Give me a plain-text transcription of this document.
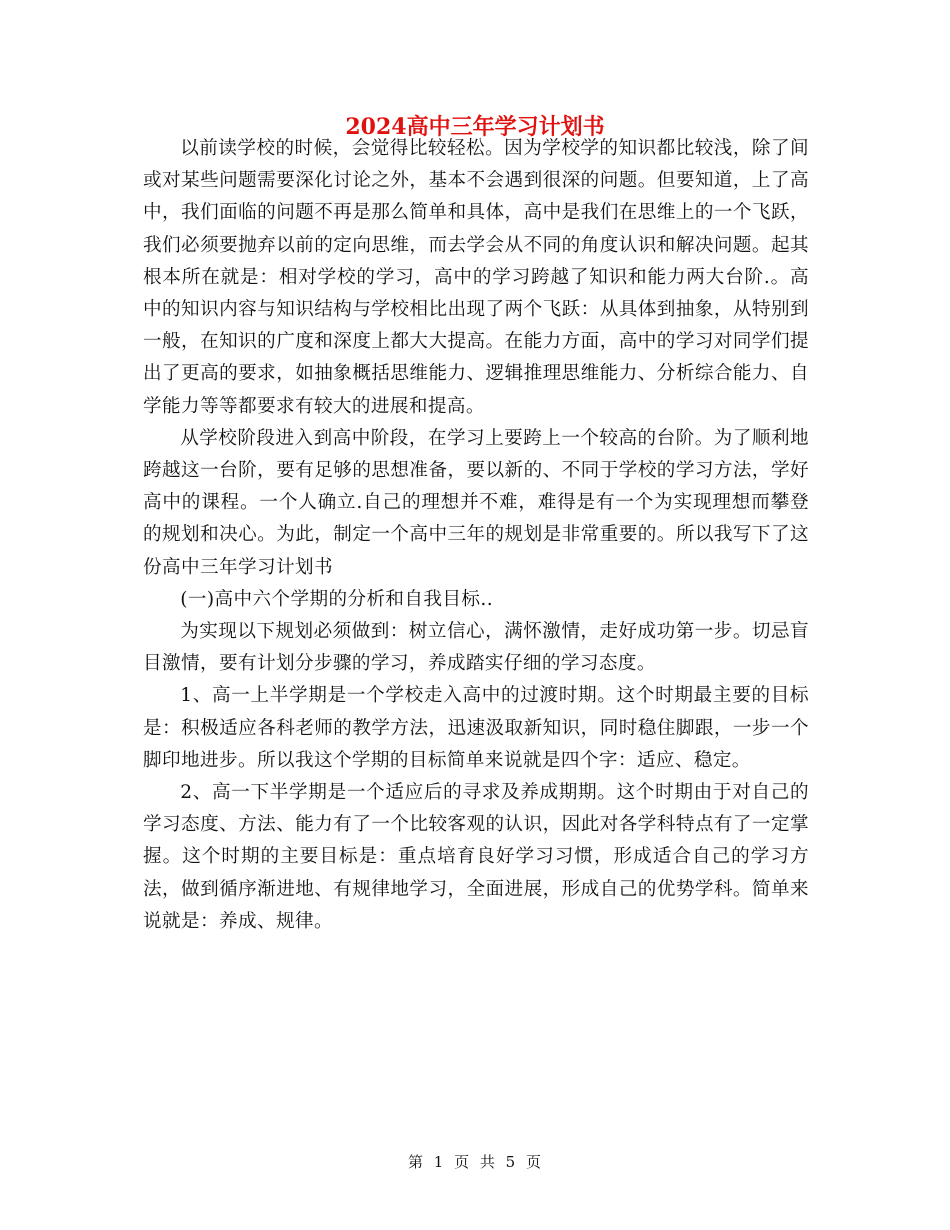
2024高中三年学习计划书

以前读学校的时候，会觉得比较轻松。因为学校学的知识都比较浅，除了间或对某些问题需要深化讨论之外，基本不会遇到很深的问题。但要知道，上了高中，我们面临的问题不再是那么简单和具体，高中是我们在思维上的一个飞跃，我们必须要抛弃以前的定向思维，而去学会从不同的角度认识和解决问题。起其根本所在就是：相对学校的学习，高中的学习跨越了知识和能力两大台阶.。高中的知识内容与知识结构与学校相比出现了两个飞跃：从具体到抽象，从特别到一般，在知识的广度和深度上都大大提高。在能力方面，高中的学习对同学们提出了更高的要求，如抽象概括思维能力、逻辑推理思维能力、分析综合能力、自学能力等等都要求有较大的进展和提高。

从学校阶段进入到高中阶段，在学习上要跨上一个较高的台阶。为了顺利地跨越这一台阶，要有足够的思想准备，要以新的、不同于学校的学习方法，学好高中的课程。一个人确立.自己的理想并不难，难得是有一个为实现理想而攀登的规划和决心。为此，制定一个高中三年的规划是非常重要的。所以我写下了这份高中三年学习计划书

(一)高中六个学期的分析和自我目标..

为实现以下规划必须做到：树立信心，满怀激情，走好成功第一步。切忌盲目激情，要有计划分步骤的学习，养成踏实仔细的学习态度。

1、高一上半学期是一个学校走入高中的过渡时期。这个时期最主要的目标是：积极适应各科老师的教学方法，迅速汲取新知识，同时稳住脚跟，一步一个脚印地进步。所以我这个学期的目标简单来说就是四个字：适应、稳定。

2、高一下半学期是一个适应后的寻求及养成期期。这个时期由于对自己的学习态度、方法、能力有了一个比较客观的认识，因此对各学科特点有了一定掌握。这个时期的主要目标是：重点培育良好学习习惯，形成适合自己的学习方法，做到循序渐进地、有规律地学习，全面进展，形成自己的优势学科。简单来说就是：养成、规律。

第 1 页 共 5 页
